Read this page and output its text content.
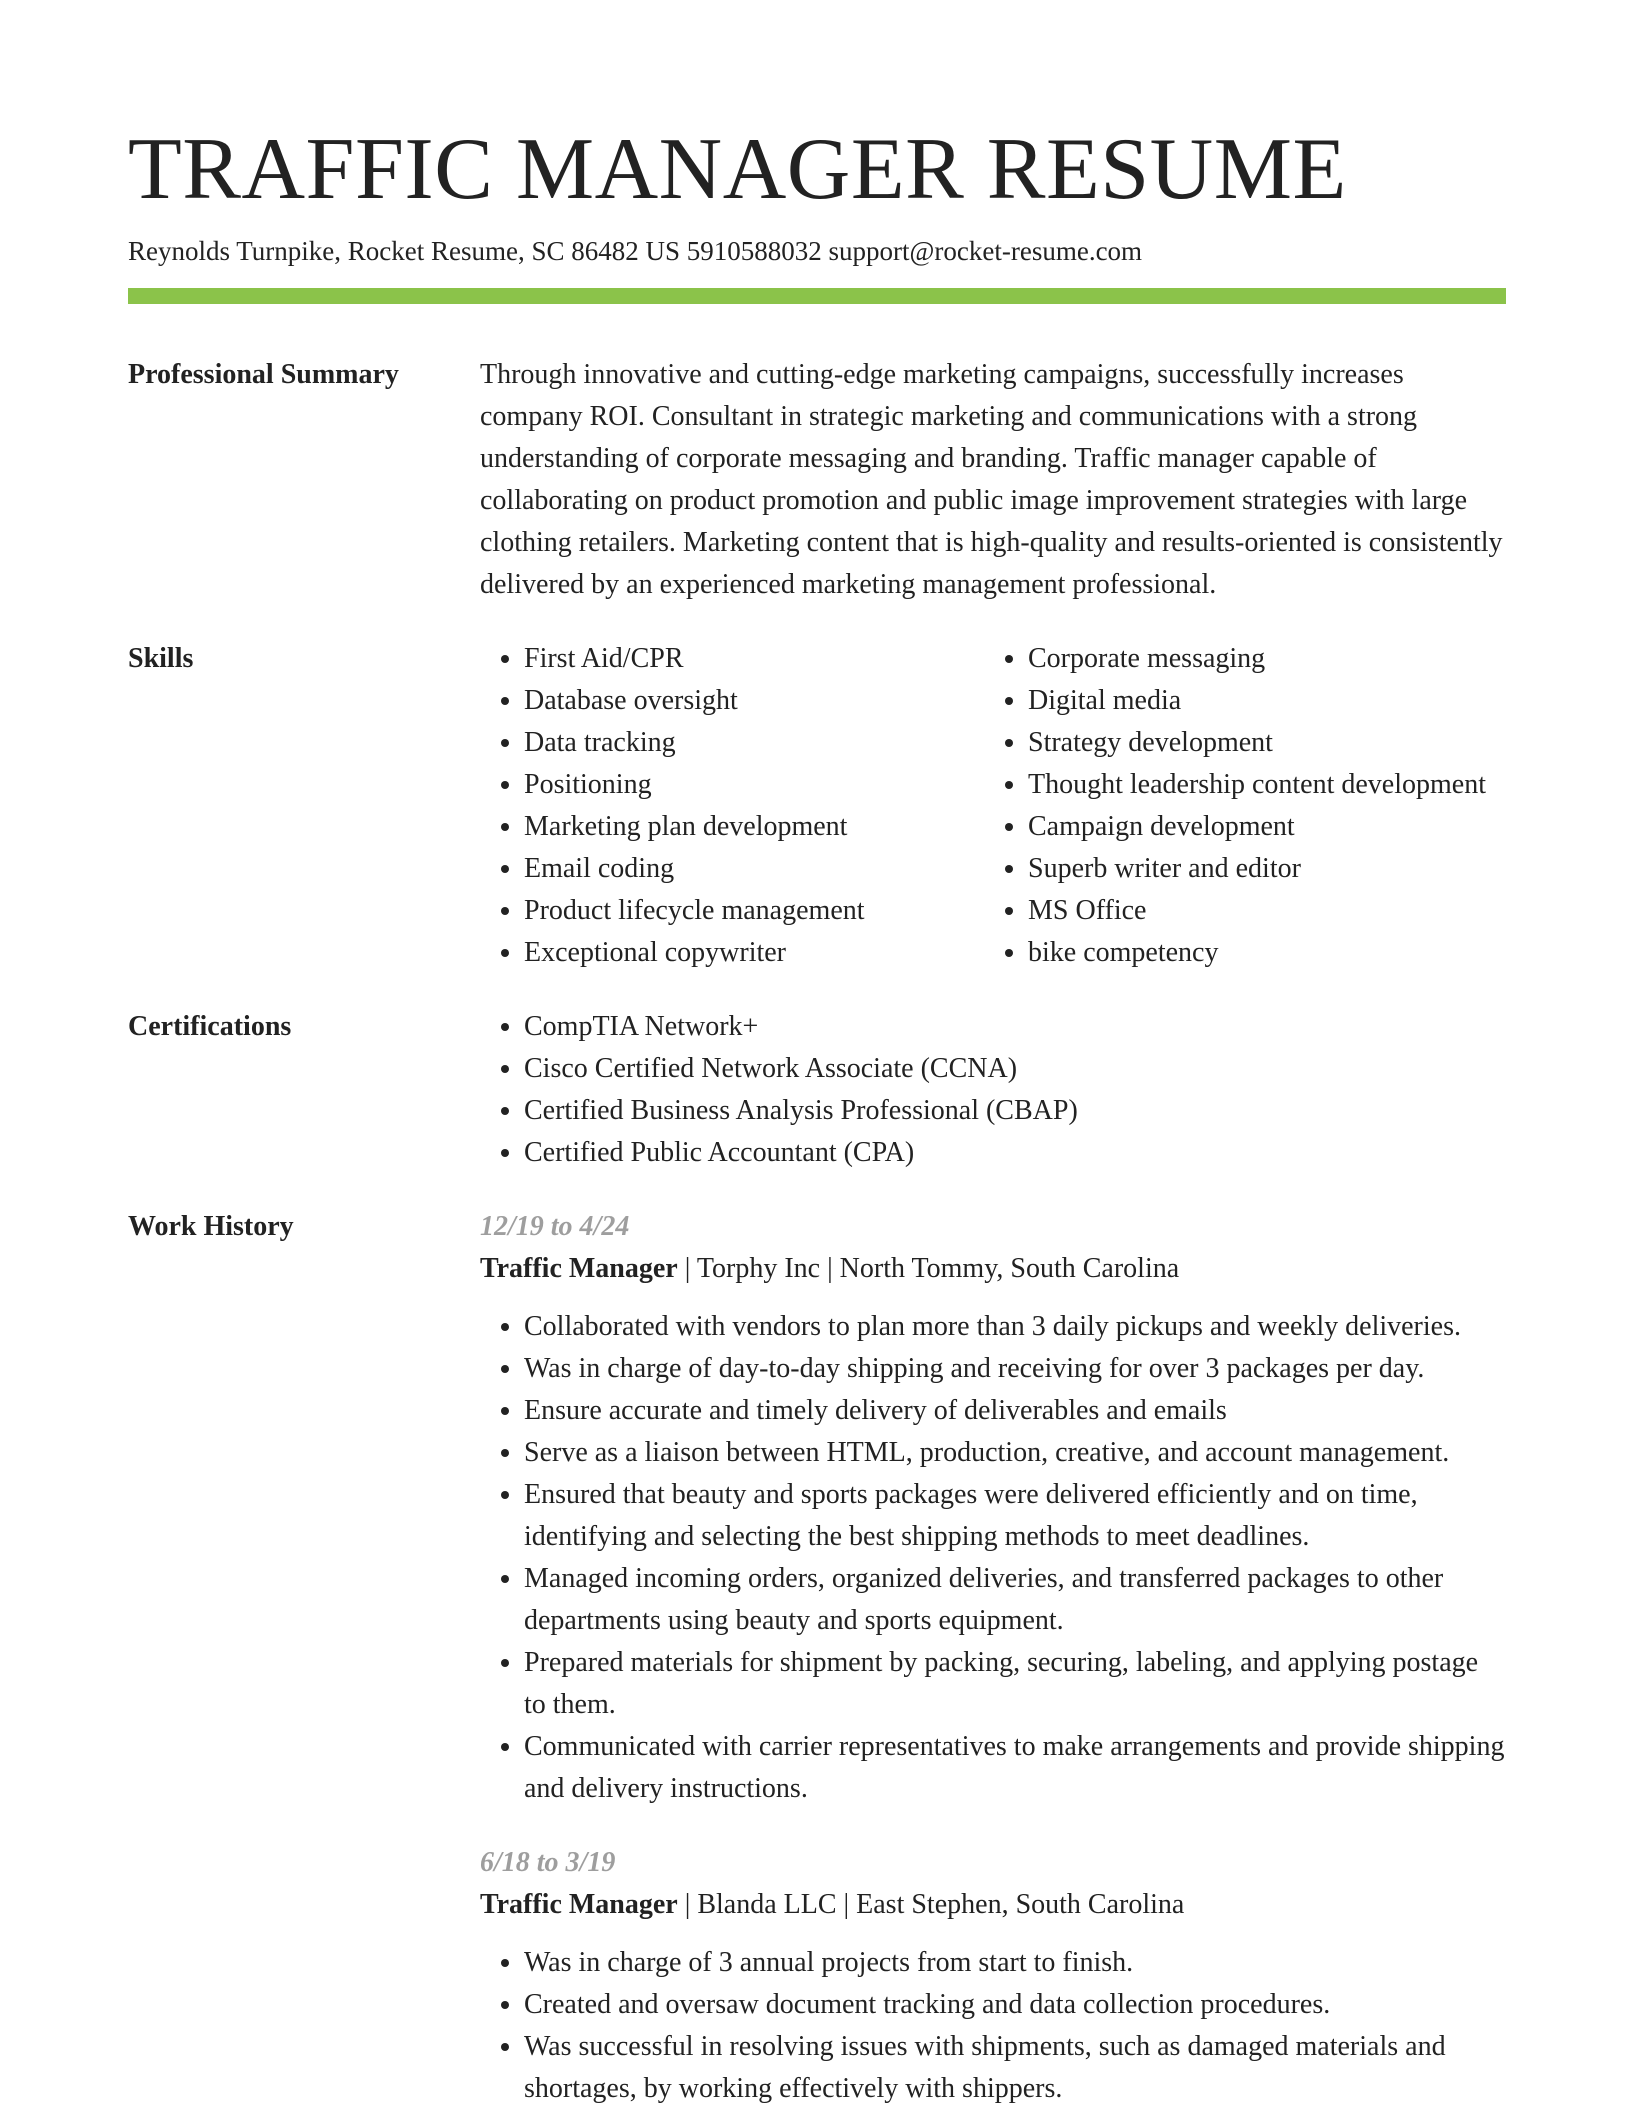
TRAFFIC MANAGER RESUME
Reynolds Turnpike, Rocket Resume, SC 86482 US 5910588032 support@rocket-resume.com
Professional Summary	Through innovative and cutting-edge marketing campaigns, successfully increases company ROI. Consultant in strategic marketing and communications with a strong understanding of corporate messaging and branding. Traffic manager capable of collaborating on product promotion and public image improvement strategies with large clothing retailers. Marketing content that is high-quality and results-oriented is consistently delivered by an experienced marketing management professional.
Skills	• First Aid/CPR
• Database oversight
• Data tracking
• Positioning
• Marketing plan development
• Email coding
• Product lifecycle management
• Exceptional copywriter
• Corporate messaging
• Digital media
• Strategy development
• Thought leadership content development
• Campaign development
• Superb writer and editor
• MS Office
• bike competency
Certifications	• CompTIA Network+
• Cisco Certified Network Associate (CCNA)
• Certified Business Analysis Professional (CBAP)
• Certified Public Accountant (CPA)
Work History	12/19 to 4/24
Traffic Manager | Torphy Inc | North Tommy, South Carolina
• Collaborated with vendors to plan more than 3 daily pickups and weekly deliveries.
• Was in charge of day-to-day shipping and receiving for over 3 packages per day.
• Ensure accurate and timely delivery of deliverables and emails
• Serve as a liaison between HTML, production, creative, and account management.
• Ensured that beauty and sports packages were delivered efficiently and on time, identifying and selecting the best shipping methods to meet deadlines.
• Managed incoming orders, organized deliveries, and transferred packages to other departments using beauty and sports equipment.
• Prepared materials for shipment by packing, securing, labeling, and applying postage to them.
• Communicated with carrier representatives to make arrangements and provide shipping and delivery instructions.
6/18 to 3/19
Traffic Manager | Blanda LLC | East Stephen, South Carolina
• Was in charge of 3 annual projects from start to finish.
• Created and oversaw document tracking and data collection procedures.
• Was successful in resolving issues with shipments, such as damaged materials and shortages, by working effectively with shippers.
